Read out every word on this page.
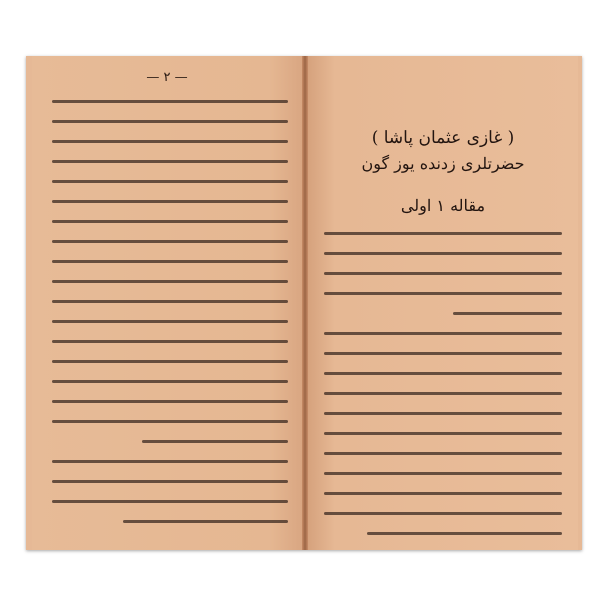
— ٢ —
( غازی عثمان پاشا )
حضرتلری زدنده یوز گون
مقاله ١ اولى
